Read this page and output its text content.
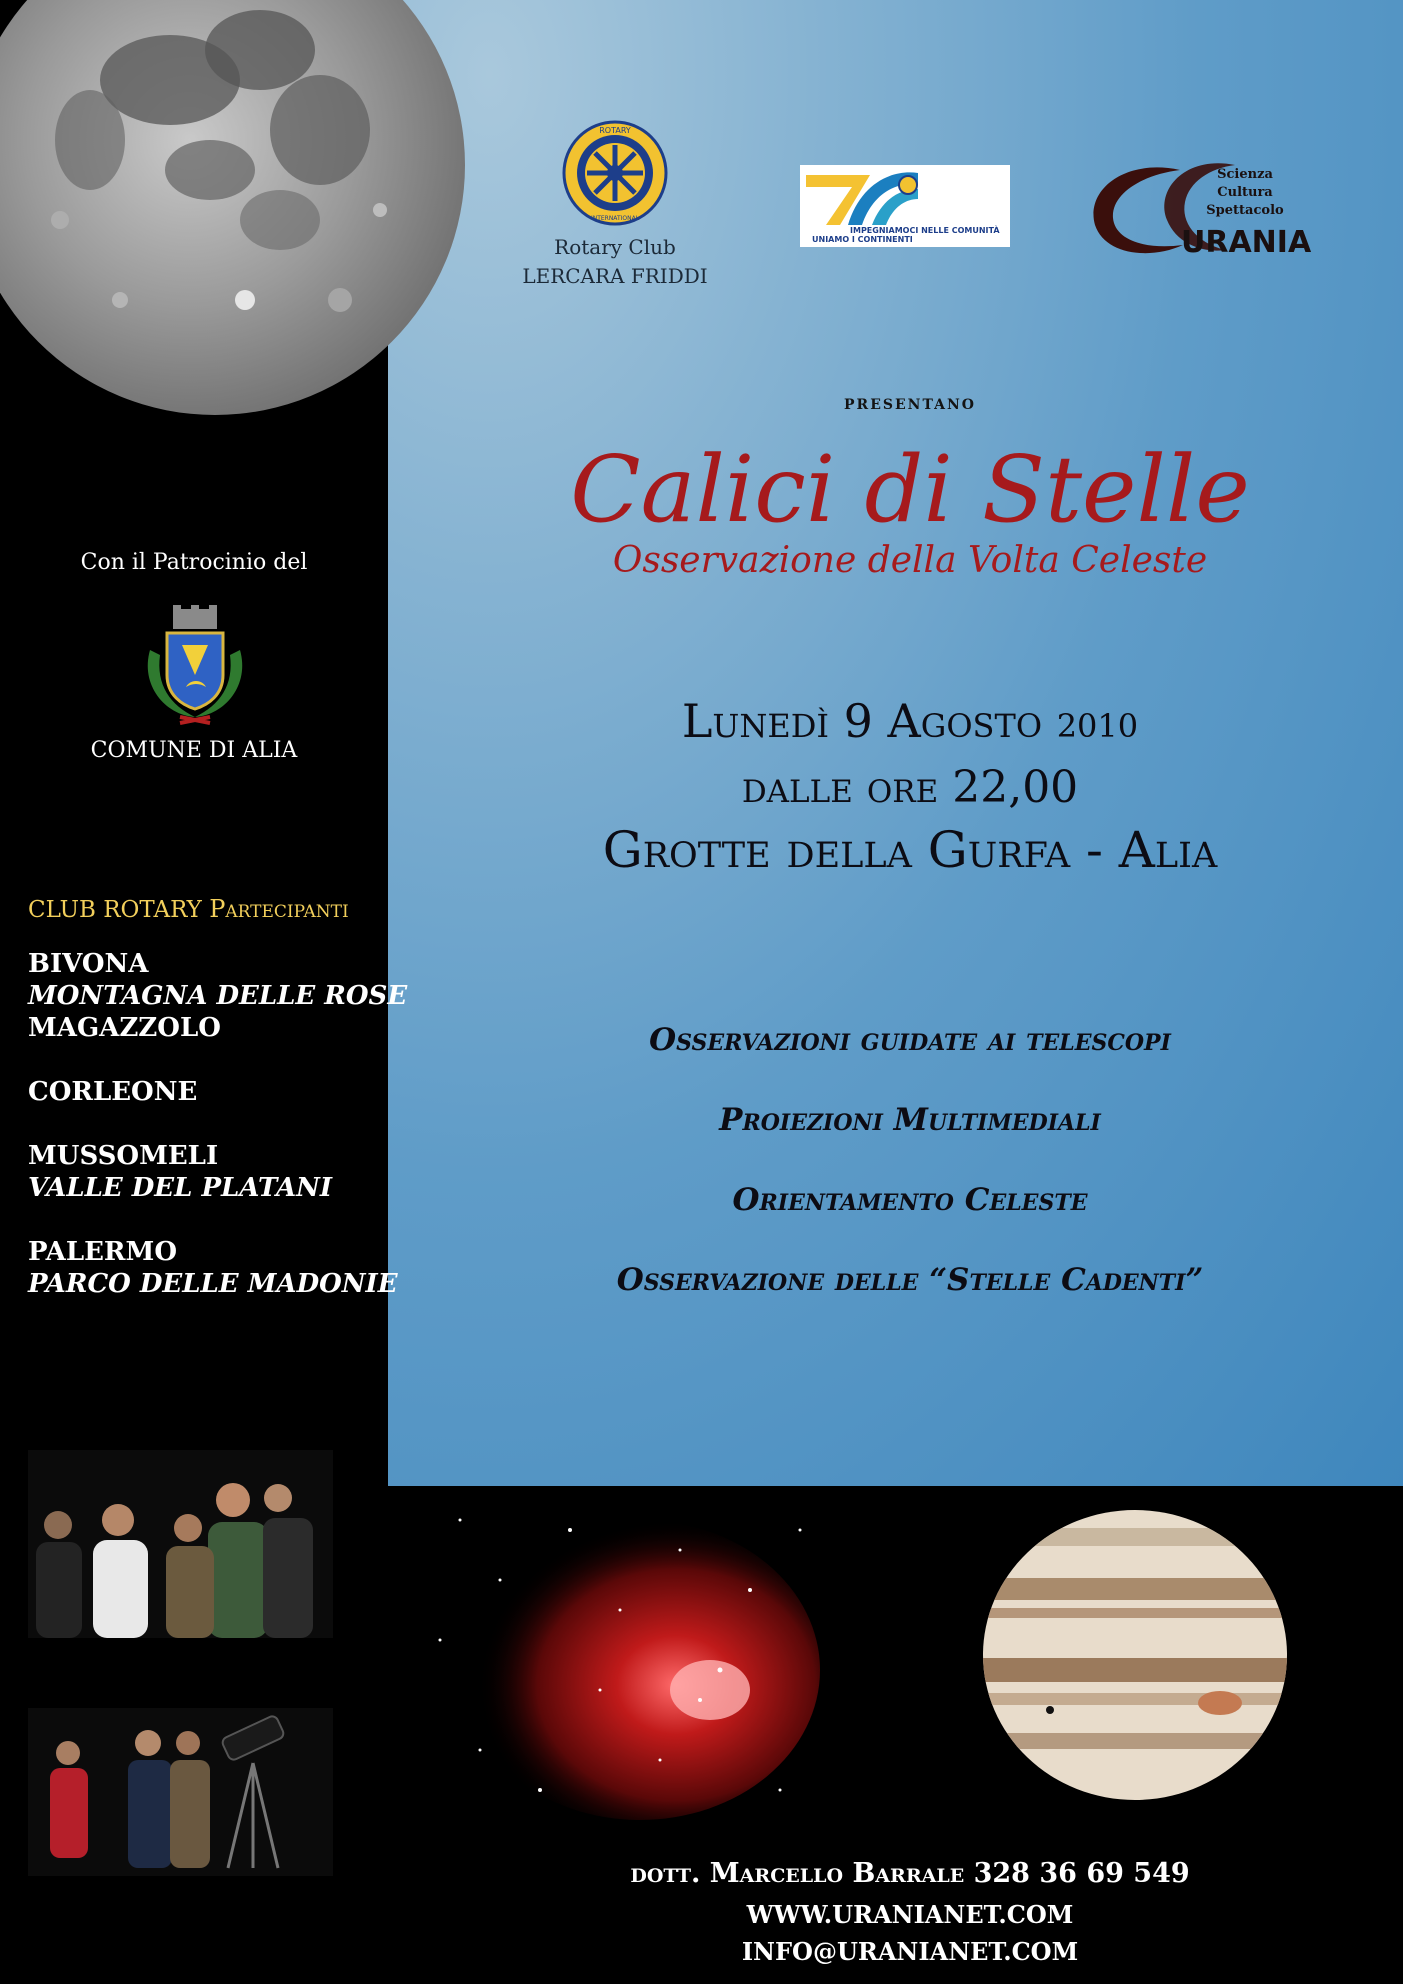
ROTARY
INTERNATIONAL
Rotary Club
LERCARA FRIDDI
IMPEGNIAMOCI NELLE COMUNITÀ
UNIAMO I CONTINENTI
Scienza
Cultura
Spettacolo
URANIA
presentano
Calici di Stelle
Osservazione della Volta Celeste
Lunedì 9 Agosto 2010
dalle ore 22,00
Grotte della Gurfa - Alia
Osservazioni guidate ai telescopi
Proiezioni Multimediali
Orientamento Celeste
Osservazione delle “Stelle Cadenti”
Con il Patrocinio del
COMUNE DI ALIA
CLUB ROTARY Partecipanti
BIVONA
MONTAGNA DELLE ROSE
MAGAZZOLO
CORLEONE
MUSSOMELI
VALLE DEL PLATANI
PALERMO
PARCO DELLE MADONIE
dott. Marcello Barrale 328 36 69 549
WWW.URANIANET.COM
INFO@URANIANET.COM
